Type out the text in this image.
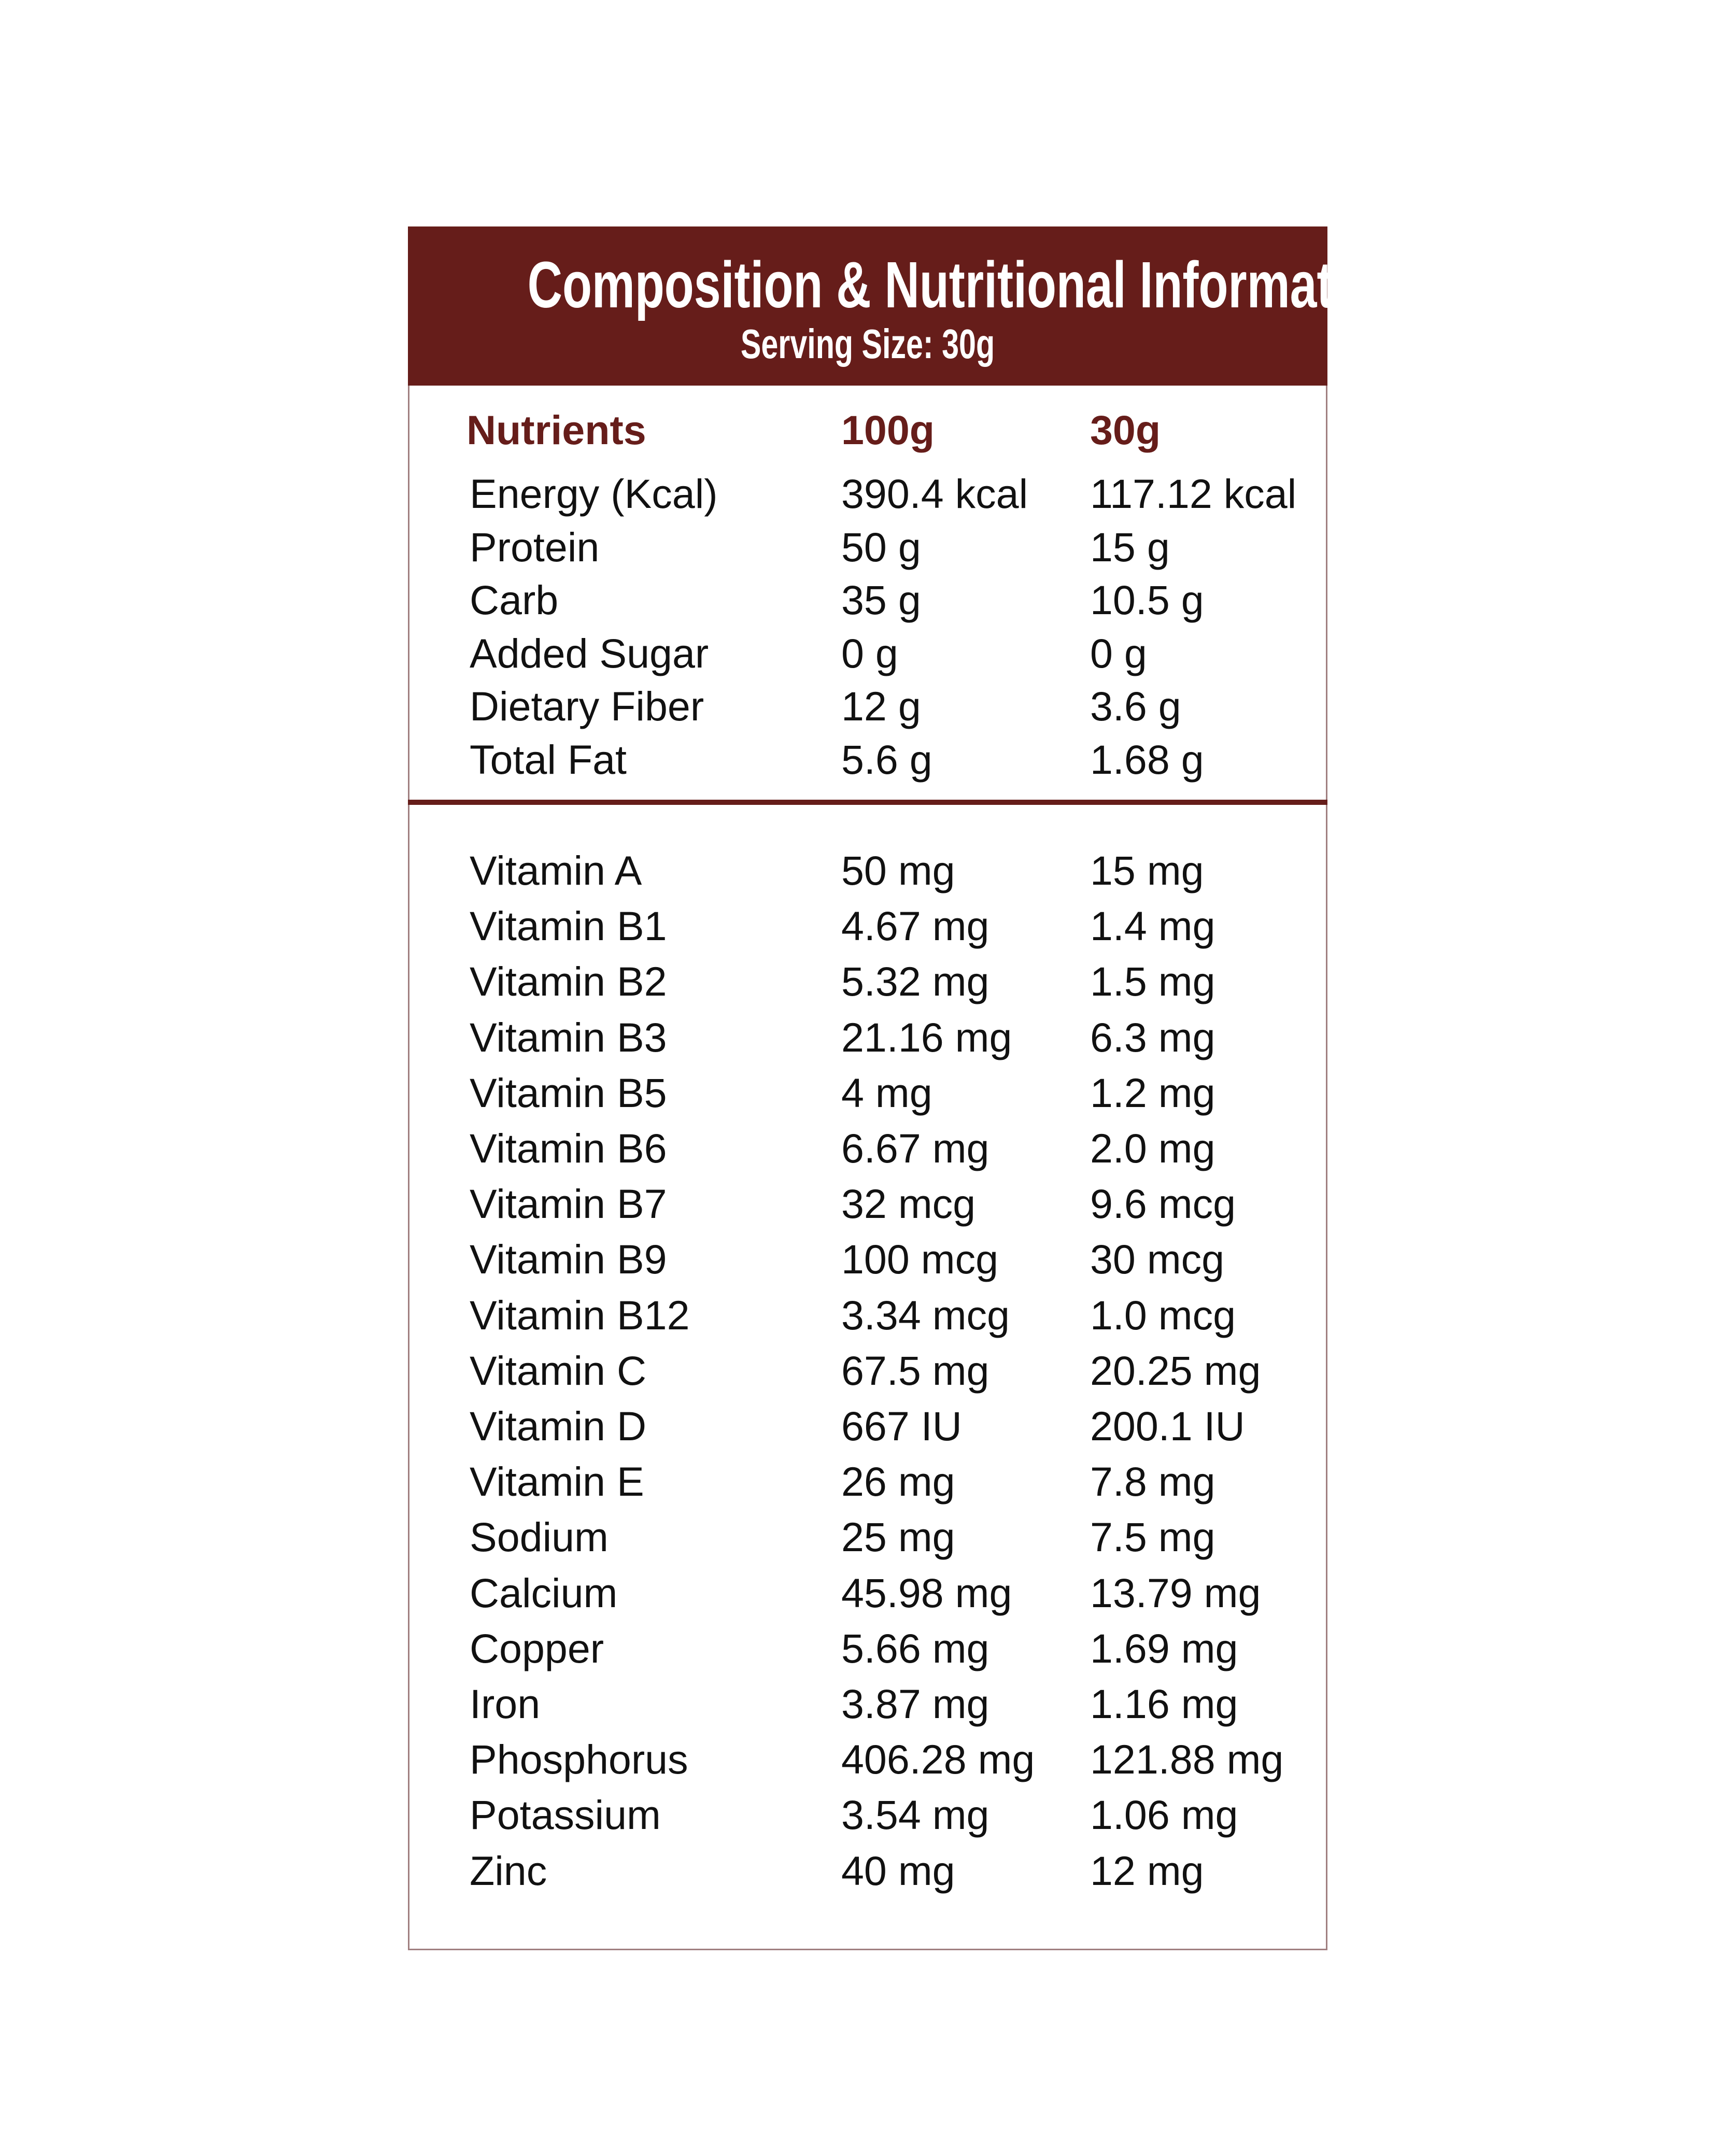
Composition & Nutritional Information
Serving Size: 30g
Nutrients	100g	30g
Energy (Kcal)	390.4 kcal 117.12 kcal
Protein	50 g	15 g
Carb	35 g	10.5 g
Added Sugar	0 g	0 g
Dietary Fiber	12 g	3.6 g
Total Fat	5.6 g	1.68 g
Vitamin A	50 mg	15 mg
Vitamin B1	4.67 mg 1.4 mg
Vitamin B2	5.32 mg 1.5 mg
Vitamin B3	21.16 mg 6.3 mg
Vitamin B5	4 mg	1.2 mg
Vitamin B6	6.67 mg 2.0 mg
Vitamin B7	32 mcg	9.6 mcg
Vitamin B9	100 mcg 30 mcg
Vitamin B12	3.34 mcg 1.0 mcg
Vitamin C	67.5 mg 20.25 mg
Vitamin D	667 IU	200.1 IU
Vitamin E	26 mg	7.8 mg
Sodium	25 mg	7.5 mg
Calcium	45.98 mg 13.79 mg
Copper	5.66 mg 1.69 mg
Iron	3.87 mg 1.16 mg
Phosphorus	406.28 mg 121.88 mg
Potassium	3.54 mg 1.06 mg
Zinc	40 mg	12 mg
